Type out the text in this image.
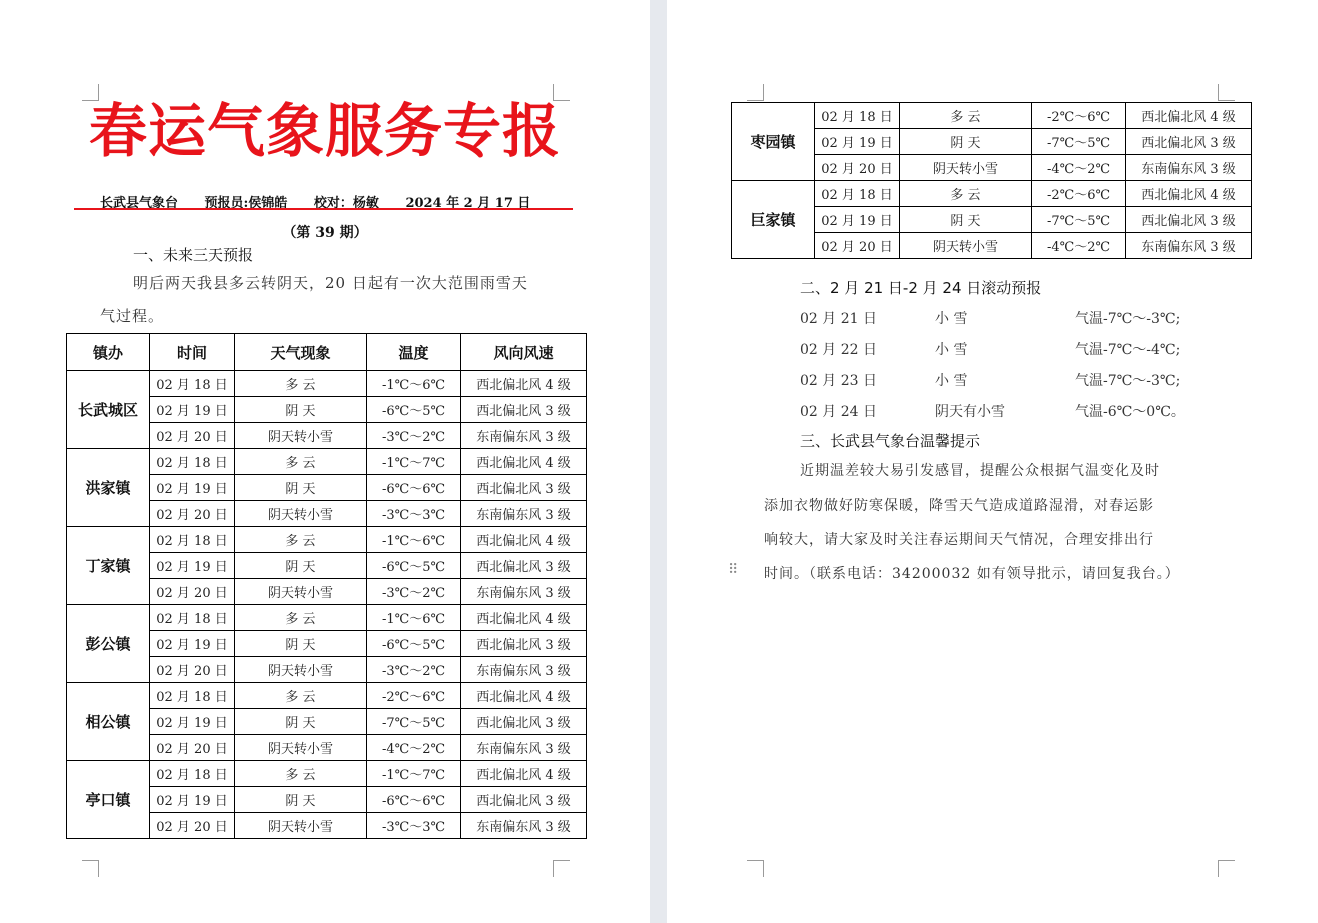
春运气象服务专报
长武县气象台 预报员:侯锦皓 校对：杨敏 2024 年 2 月 17 日
（第 39 期）
一、未来三天预报
明后两天我县多云转阴天，20 日起有一次大范围雨雪天
气过程。
镇办	时间	天气现象	温度	风向风速
长武城区	02 月 18 日	多 云	-1℃～6℃	西北偏北风 4 级
	02 月 19 日	阴 天	-6℃～5℃	西北偏北风 3 级
	02 月 20 日	阴天转小雪	-3℃～2℃	东南偏东风 3 级
洪家镇	02 月 18 日	多 云	-1℃～7℃	西北偏北风 4 级
	02 月 19 日	阴 天	-6℃～6℃	西北偏北风 3 级
	02 月 20 日	阴天转小雪	-3℃～3℃	东南偏东风 3 级
丁家镇	02 月 18 日	多 云	-1℃～6℃	西北偏北风 4 级
	02 月 19 日	阴 天	-6℃～5℃	西北偏北风 3 级
	02 月 20 日	阴天转小雪	-3℃～2℃	东南偏东风 3 级
彭公镇	02 月 18 日	多 云	-1℃～6℃	西北偏北风 4 级
	02 月 19 日	阴 天	-6℃～5℃	西北偏北风 3 级
	02 月 20 日	阴天转小雪	-3℃～2℃	东南偏东风 3 级
相公镇	02 月 18 日	多 云	-2℃～6℃	西北偏北风 4 级
	02 月 19 日	阴 天	-7℃～5℃	西北偏北风 3 级
	02 月 20 日	阴天转小雪	-4℃～2℃	东南偏东风 3 级
亭口镇	02 月 18 日	多 云	-1℃～7℃	西北偏北风 4 级
	02 月 19 日	阴 天	-6℃～6℃	西北偏北风 3 级
	02 月 20 日	阴天转小雪	-3℃～3℃	东南偏东风 3 级
枣园镇	02 月 18 日	多 云	-2℃～6℃	西北偏北风 4 级
	02 月 19 日	阴 天	-7℃～5℃	西北偏北风 3 级
	02 月 20 日	阴天转小雪	-4℃～2℃	东南偏东风 3 级
巨家镇	02 月 18 日	多 云	-2℃～6℃	西北偏北风 4 级
	02 月 19 日	阴 天	-7℃～5℃	西北偏北风 3 级
	02 月 20 日	阴天转小雪	-4℃～2℃	东南偏东风 3 级
二、2 月 21 日-2 月 24 日滚动预报
三、长武县气象台温馨提示
近期温差较大易引发感冒，提醒公众根据气温变化及时
添加衣物做好防寒保暖，降雪天气造成道路湿滑，对春运影
响较大，请大家及时关注春运期间天气情况，合理安排出行
时间。（联系电话：34200032 如有领导批示，请回复我台。）
02 月 21 日	小 雪	气温-7℃～-3℃;
02 月 22 日	小 雪	气温-7℃～-4℃;
02 月 23 日	小 雪	气温-7℃～-3℃;
02 月 24 日	阴天有小雪	气温-6℃～0℃。
⠿
